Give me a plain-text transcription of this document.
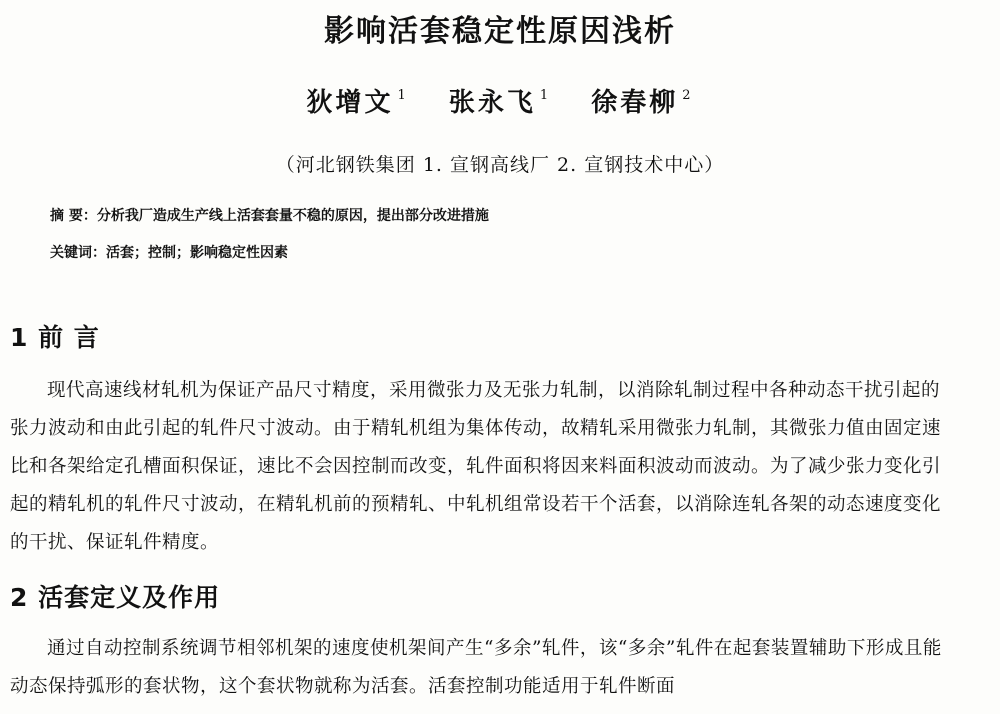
影响活套稳定性原因浅析
狄增文 $^1$ 张永飞 $^1$ 徐春柳 $^2$
（河北钢铁集团 1. 宣钢高线厂 2. 宣钢技术中心）
摘 要：分析我厂造成生产线上活套套量不稳的原因，提出部分改进措施
关键词：活套；控制；影响稳定性因素
1 前 言
现代高速线材轧机为保证产品尺寸精度，采用微张力及无张力轧制，以消除轧制过程中各种动态干扰引起的张力波动和由此引起的轧件尺寸波动。由于精轧机组为集体传动，故精轧采用微张力轧制，其微张力值由固定速比和各架给定孔槽面积保证，速比不会因控制而改变，轧件面积将因来料面积波动而波动。为了减少张力变化引起的精轧机的轧件尺寸波动，在精轧机前的预精轧、中轧机组常设若干个活套，以消除连轧各架的动态速度变化的干扰、保证轧件精度。
2 活套定义及作用
通过自动控制系统调节相邻机架的速度使机架间产生“多余”轧件，该“多余”轧件在起套装置辅助下形成且能动态保持弧形的套状物，这个套状物就称为活套。活套控制功能适用于轧件断面
